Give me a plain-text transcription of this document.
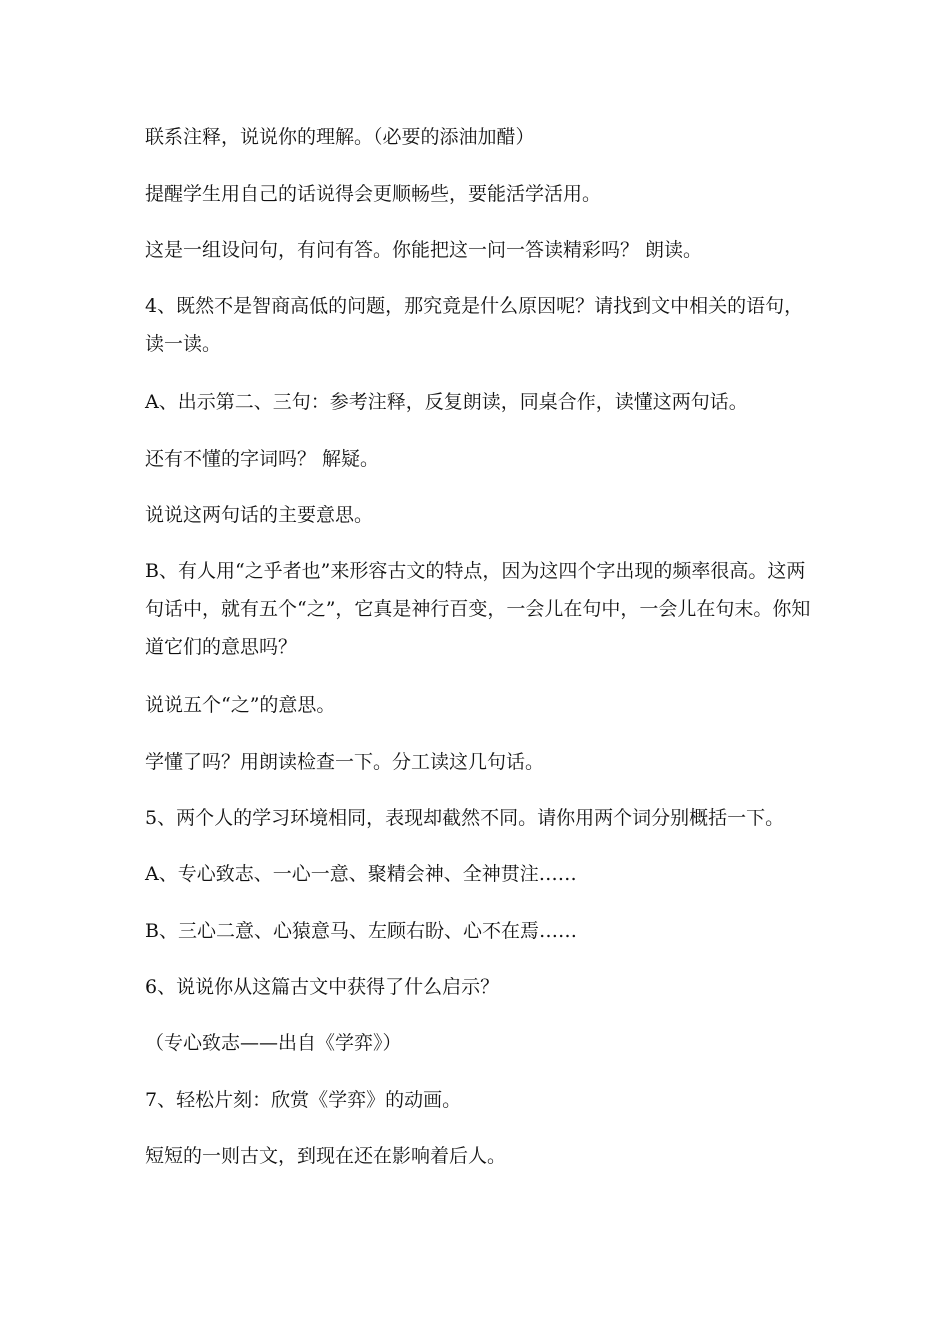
联系注释，说说你的理解。（必要的添油加醋）

提醒学生用自己的话说得会更顺畅些，要能活学活用。

这是一组设问句，有问有答。你能把这一问一答读精彩吗？ 朗读。

4、既然不是智商高低的问题，那究竟是什么原因呢？请找到文中相关的语句，读一读。

A、出示第二、三句：参考注释，反复朗读，同桌合作，读懂这两句话。

还有不懂的字词吗？ 解疑。

说说这两句话的主要意思。

B、有人用“之乎者也”来形容古文的特点，因为这四个字出现的频率很高。这两句话中，就有五个“之”，它真是神行百变，一会儿在句中，一会儿在句末。你知道它们的意思吗？

说说五个“之”的意思。

学懂了吗？用朗读检查一下。分工读这几句话。

5、两个人的学习环境相同，表现却截然不同。请你用两个词分别概括一下。

A、专心致志、一心一意、聚精会神、全神贯注……

B、三心二意、心猿意马、左顾右盼、心不在焉……

6、说说你从这篇古文中获得了什么启示？

（专心致志——出自《学弈》）

7、轻松片刻：欣赏《学弈》的动画。

短短的一则古文，到现在还在影响着后人。
